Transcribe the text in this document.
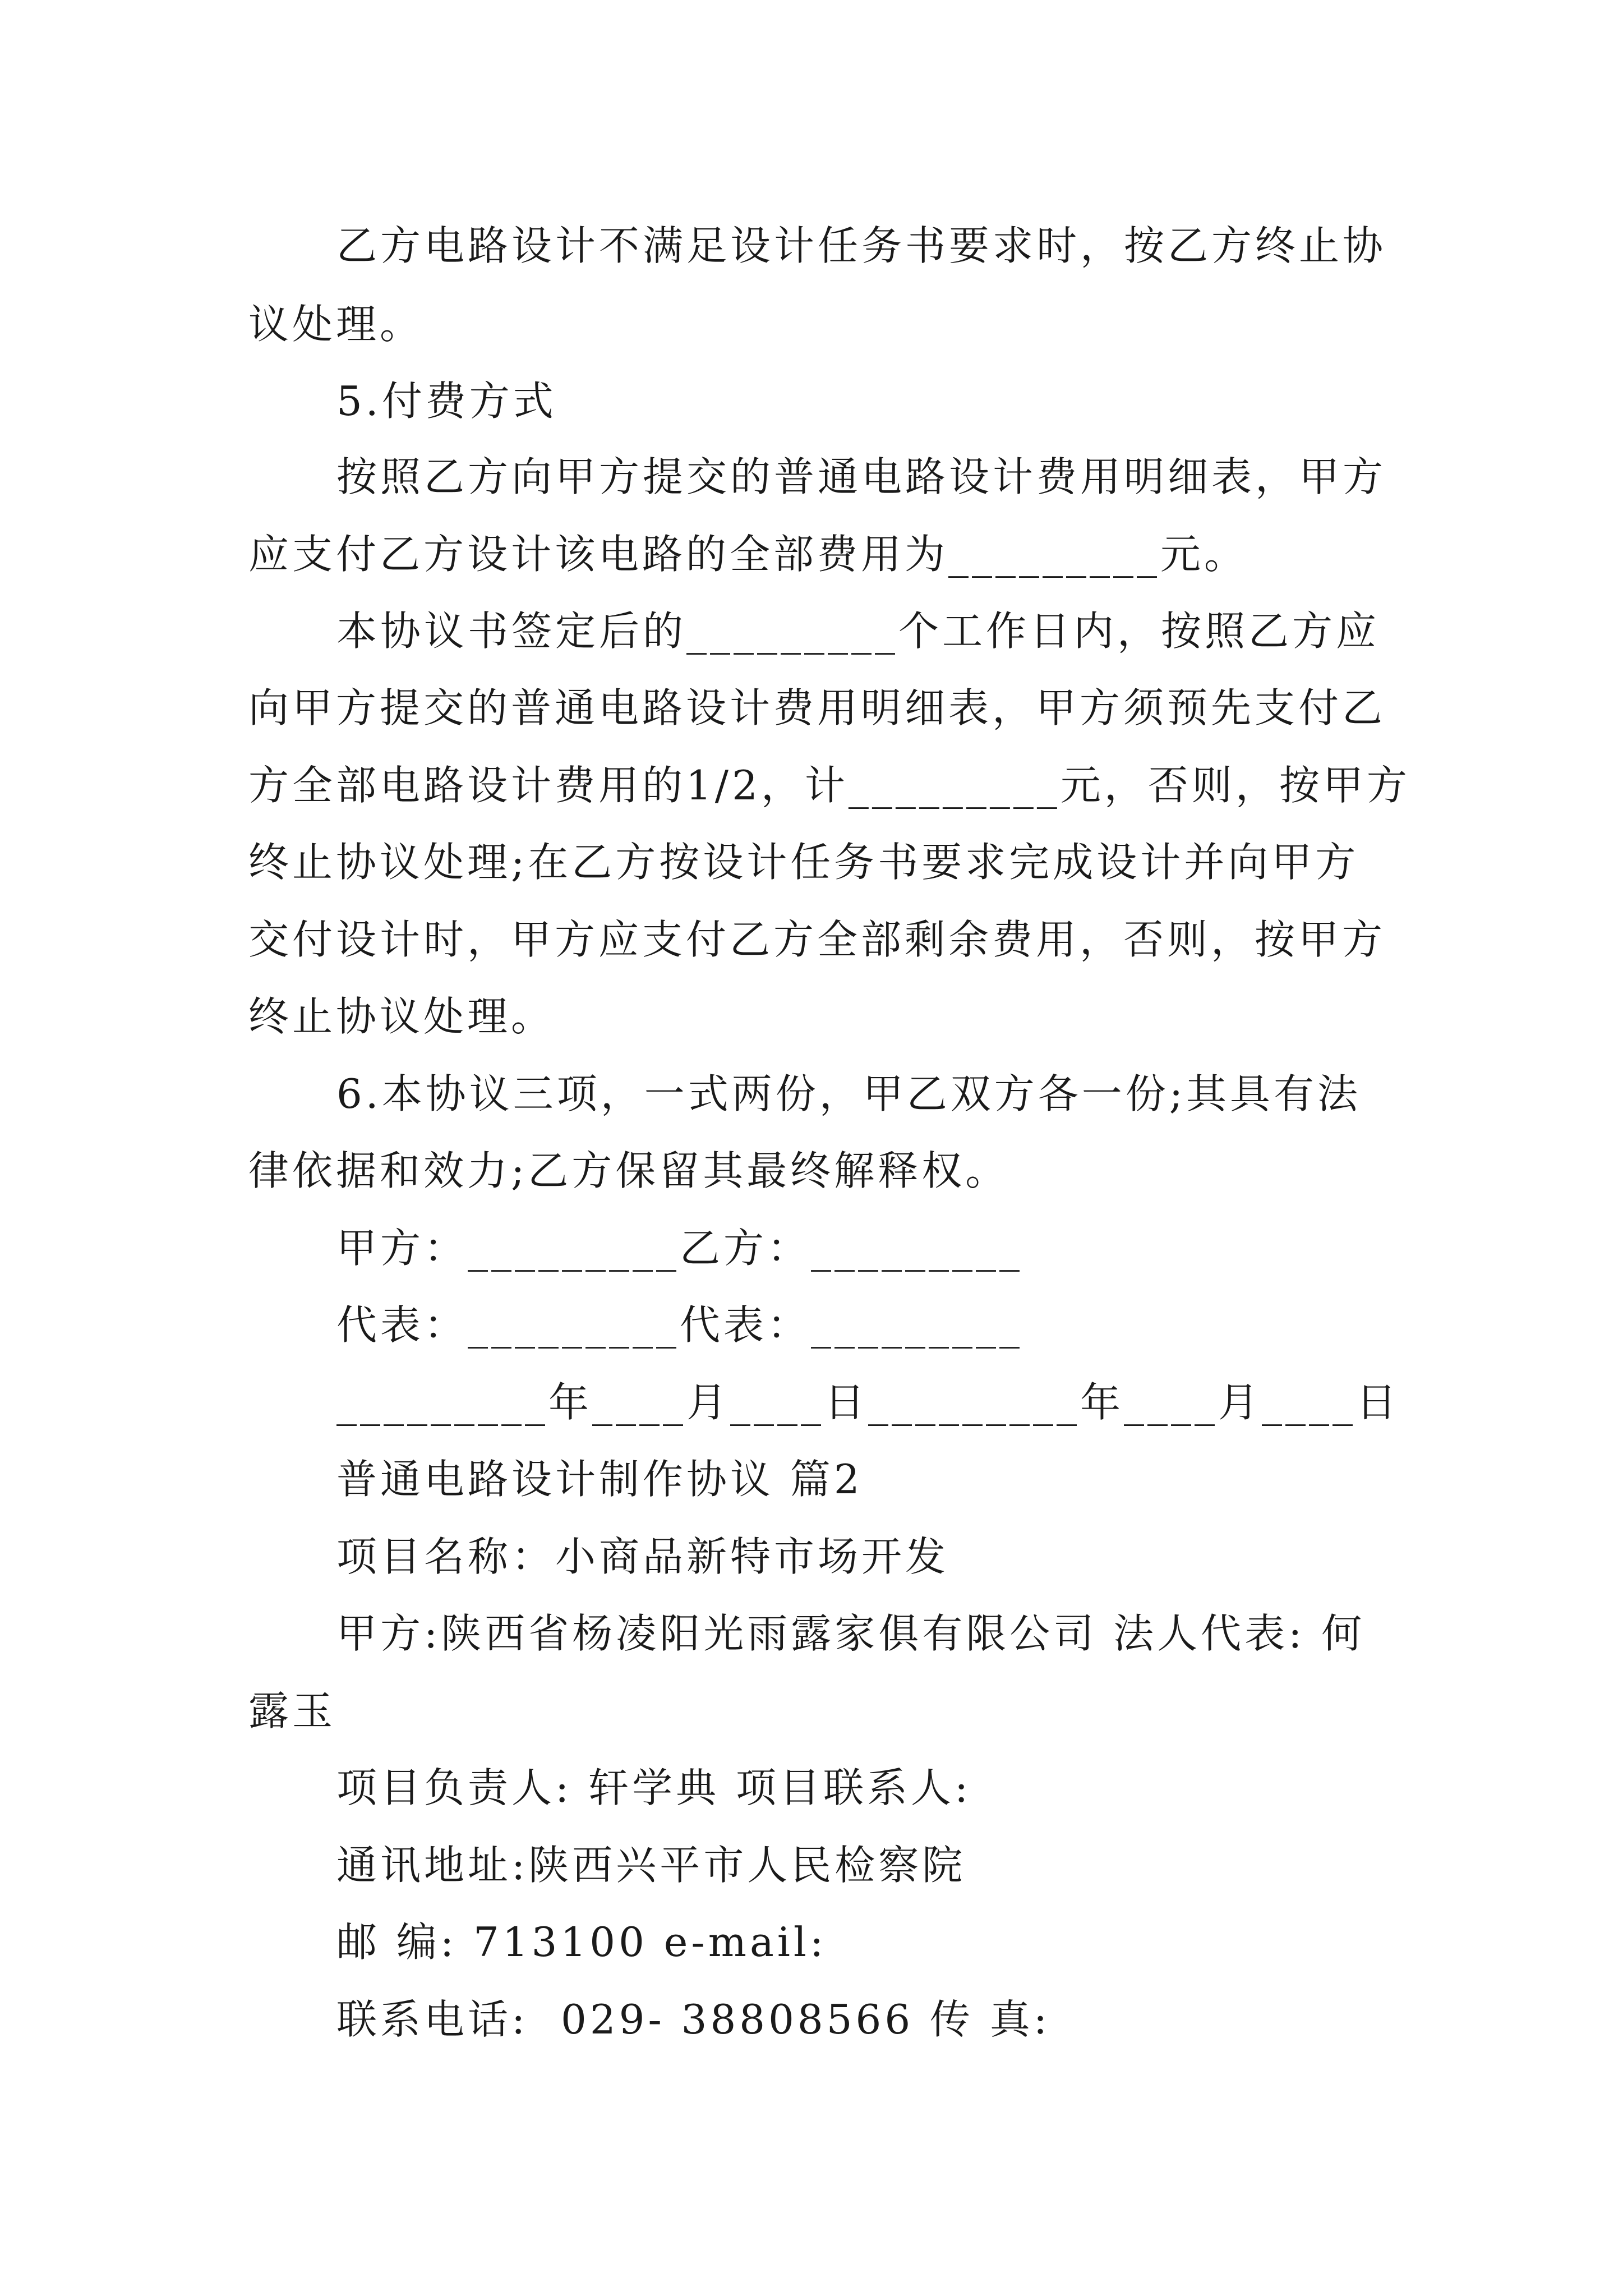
乙方电路设计不满足设计任务书要求时，按乙方终止协
议处理。
5.付费方式
按照乙方向甲方提交的普通电路设计费用明细表，甲方
应支付乙方设计该电路的全部费用为_________元。
本协议书签定后的_________个工作日内，按照乙方应
向甲方提交的普通电路设计费用明细表，甲方须预先支付乙
方全部电路设计费用的1/2，计_________元，否则，按甲方
终止协议处理;在乙方按设计任务书要求完成设计并向甲方
交付设计时，甲方应支付乙方全部剩余费用，否则，按甲方
终止协议处理。
6.本协议三项，一式两份，甲乙双方各一份;其具有法
律依据和效力;乙方保留其最终解释权。
甲方：_________乙方：_________
代表：_________代表：_________
_________年____月____日_________年____月____日
普通电路设计制作协议 篇2
项目名称：小商品新特市场开发
甲方:陕西省杨凌阳光雨露家俱有限公司 法人代表: 何
露玉
项目负责人: 轩学典 项目联系人:
通讯地址:陕西兴平市人民检察院
邮 编: 713100 e-mail:
联系电话:  029- 38808566 传 真:
